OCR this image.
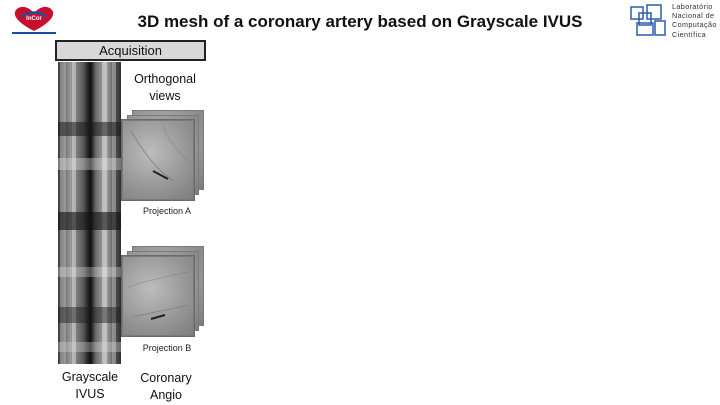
InCor	3D mesh of a coronary artery based on Grayscale IVUS
Laboratório
Nacional de
Computação
Científica
Acquisition
Orthogonal views
Projection A
Projection B
Grayscale IVUS
Coronary Angio
